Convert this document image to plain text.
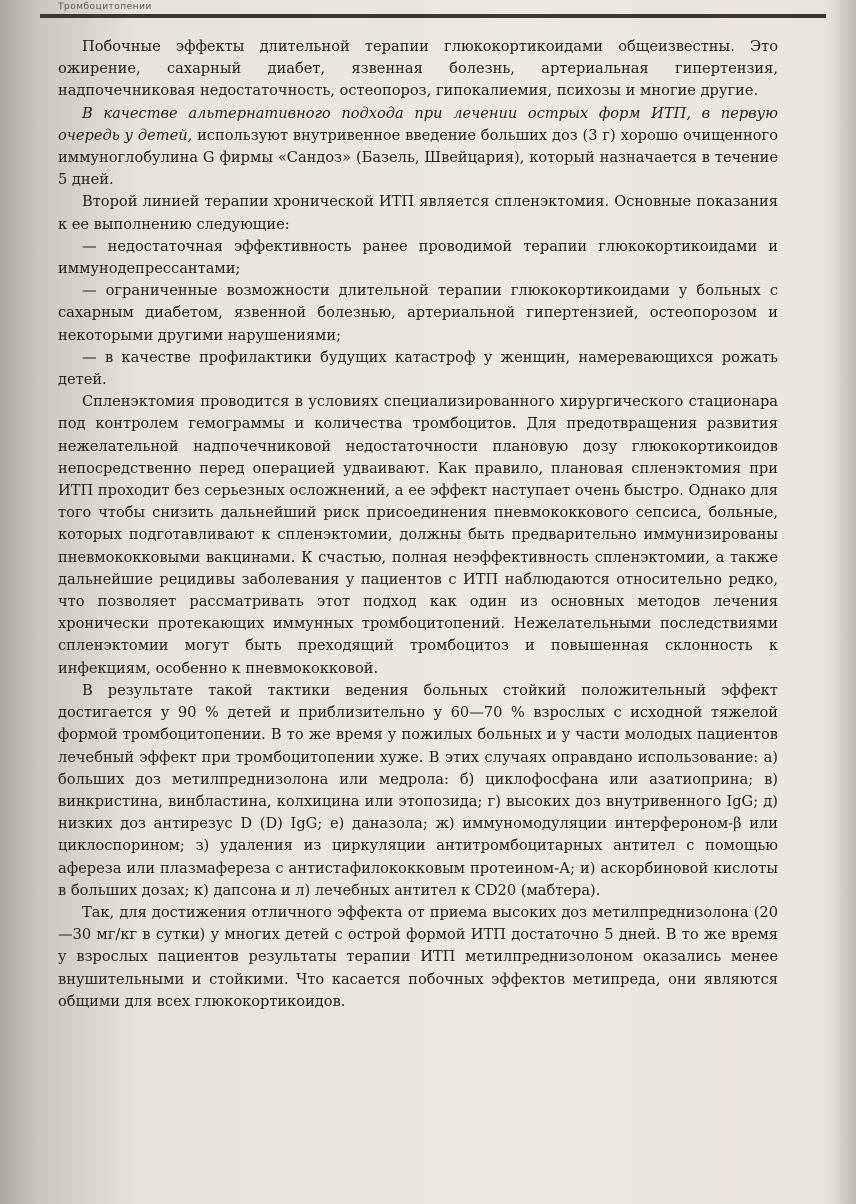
Тромбоцитопении

Побочные эффекты длительной терапии глюкокортикоидами общеизвестны. Это ожирение, сахарный диабет, язвенная болезнь, артериальная гипертензия, надпочечниковая недостаточность, остеопороз, гипокалиемия, психозы и многие другие.

В качестве альтернативного подхода при лечении острых форм ИТП, в первую очередь у детей, используют внутривенное введение больших доз (3 г) хорошо очищенного иммуноглобулина G фирмы «Сандоз» (Базель, Швейцария), который назначается в течение 5 дней.

Второй линией терапии хронической ИТП является спленэктомия. Основные показания к ее выполнению следующие:

— недостаточная эффективность ранее проводимой терапии глюкокортикоидами и иммунодепрессантами;

— ограниченные возможности длительной терапии глюкокортикоидами у больных с сахарным диабетом, язвенной болезнью, артериальной гипертензией, остеопорозом и некоторыми другими нарушениями;

— в качестве профилактики будущих катастроф у женщин, намеревающихся рожать детей.

Спленэктомия проводится в условиях специализированного хирургического стационара под контролем гемограммы и количества тромбоцитов. Для предотвращения развития нежелательной надпочечниковой недостаточности плановую дозу глюкокортикоидов непосредственно перед операцией удваивают. Как правило, плановая спленэктомия при ИТП проходит без серьезных осложнений, а ее эффект наступает очень быстро. Однако для того чтобы снизить дальнейший риск присоединения пневмококкового сепсиса, больные, которых подготавливают к спленэктомии, должны быть предварительно иммунизированы пневмококковыми вакцинами. К счастью, полная неэффективность спленэктомии, а также дальнейшие рецидивы заболевания у пациентов с ИТП наблюдаются относительно редко, что позволяет рассматривать этот подход как один из основных методов лечения хронически протекающих иммунных тромбоцитопений. Нежелательными последствиями спленэктомии могут быть преходящий тромбоцитоз и повышенная склонность к инфекциям, особенно к пневмококковой.

В результате такой тактики ведения больных стойкий положительный эффект достигается у 90 % детей и приблизительно у 60—70 % взрослых с исходной тяжелой формой тромбоцитопении. В то же время у пожилых больных и у части молодых пациентов лечебный эффект при тромбоцитопении хуже. В этих случаях оправдано использование: а) больших доз метилпреднизолона или медрола: б) циклофосфана или азатиоприна; в) винкристина, винбластина, колхицина или этопозида; г) высоких доз внутривенного IgG; д) низких доз антирезус D (D) IgG; е) даназола; ж) иммуномодуляции интерфероном-β или циклоспорином; з) удаления из циркуляции антитромбоцитарных антител с помощью афереза или плазмафереза с антистафилококковым протеином-А; и) аскорбиновой кислоты в больших дозах; к) дапсона и л) лечебных антител к CD20 (мабтера).

Так, для достижения отличного эффекта от приема высоких доз метилпреднизолона (20—30 мг/кг в сутки) у многих детей с острой формой ИТП достаточно 5 дней. В то же время у взрослых пациентов результаты терапии ИТП метилпреднизолоном оказались менее внушительными и стойкими. Что касается побочных эффектов метипреда, они являются общими для всех глюкокортикоидов.
